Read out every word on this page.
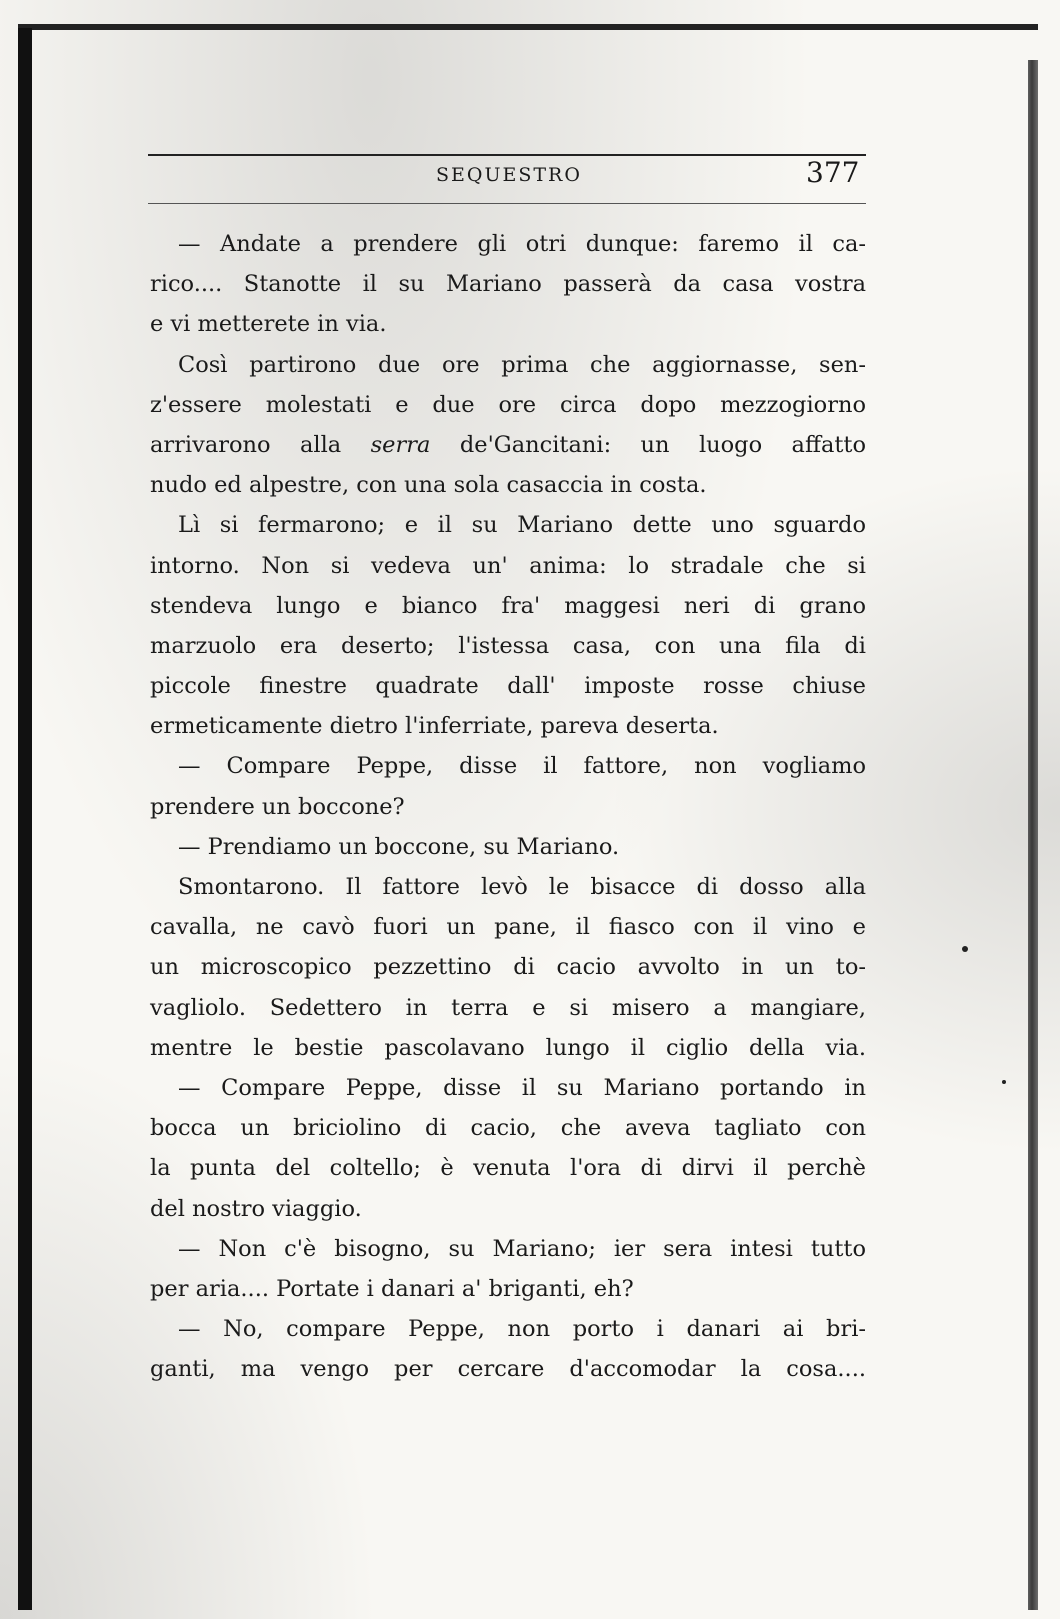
SEQUESTRO	377
— Andate a prendere gli otri dunque: faremo il ca-
rico.... Stanotte il su Mariano passerà da casa vostra
e vi metterete in via.
Così partirono due ore prima che aggiornasse, sen-
z'essere molestati e due ore circa dopo mezzogiorno
arrivarono alla serra de'Gancitani: un luogo affatto
nudo ed alpestre, con una sola casaccia in costa.
Lì si fermarono; e il su Mariano dette uno sguardo
intorno. Non si vedeva un' anima: lo stradale che si
stendeva lungo e bianco fra' maggesi neri di grano
marzuolo era deserto; l'istessa casa, con una fila di
piccole finestre quadrate dall' imposte rosse chiuse
ermeticamente dietro l'inferriate, pareva deserta.
— Compare Peppe, disse il fattore, non vogliamo
prendere un boccone?
— Prendiamo un boccone, su Mariano.
Smontarono. Il fattore levò le bisacce di dosso alla
cavalla, ne cavò fuori un pane, il fiasco con il vino e
un microscopico pezzettino di cacio avvolto in un to-
vagliolo. Sedettero in terra e si misero a mangiare,
mentre le bestie pascolavano lungo il ciglio della via.
— Compare Peppe, disse il su Mariano portando in
bocca un briciolino di cacio, che aveva tagliato con
la punta del coltello; è venuta l'ora di dirvi il perchè
del nostro viaggio.
— Non c'è bisogno, su Mariano; ier sera intesi tutto
per aria.... Portate i danari a' briganti, eh?
— No, compare Peppe, non porto i danari ai bri-
ganti, ma vengo per cercare d'accomodar la cosa....
